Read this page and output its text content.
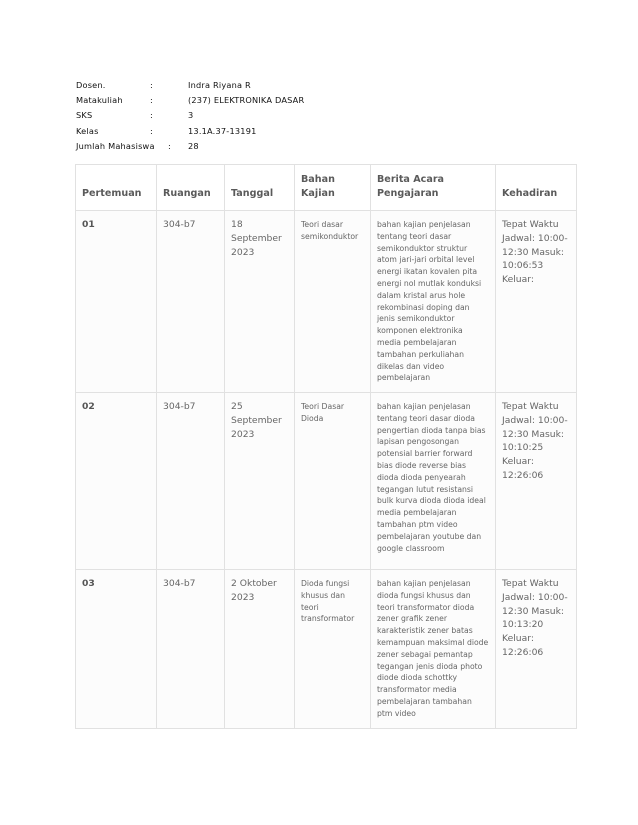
Dosen.	:	Indra Riyana R
Matakuliah	:	(237) ELEKTRONIKA DASAR
SKS	:	3
Kelas	:	13.1A.37-13191
Jumlah Mahasiswa	:	28
Pertemuan	Ruangan	Tanggal	Bahan Kajian	Berita Acara Pengajaran	Kehadiran
01	304-b7	18 September 2023	Teori dasar semikonduktor	bahan kajian penjelasan tentang teori dasar semikonduktor struktur atom jari-jari orbital level energi ikatan kovalen pita energi nol mutlak konduksi dalam kristal arus hole rekombinasi doping dan jenis semikonduktor komponen elektronika media pembelajaran tambahan perkuliahan dikelas dan video pembelajaran	Tepat Waktu Jadwal: 10:00-12:30 Masuk: 10:06:53 Keluar:
02	304-b7	25 September 2023	Teori Dasar Dioda	bahan kajian penjelasan tentang teori dasar dioda pengertian dioda tanpa bias lapisan pengosongan potensial barrier forward bias diode reverse bias dioda dioda penyearah tegangan lutut resistansi bulk kurva dioda dioda ideal media pembelajaran tambahan ptm video pembelajaran youtube dan google classroom	Tepat Waktu Jadwal: 10:00-12:30 Masuk: 10:10:25 Keluar: 12:26:06
03	304-b7	2 Oktober 2023	Dioda fungsi khusus dan teori transformator	bahan kajian penjelasan dioda fungsi khusus dan teori transformator dioda zener grafik zener karakteristik zener batas kemampuan maksimal diode zener sebagai pemantap tegangan jenis dioda photo diode dioda schottky transformator media pembelajaran tambahan ptm video	Tepat Waktu Jadwal: 10:00-12:30 Masuk: 10:13:20 Keluar: 12:26:06
